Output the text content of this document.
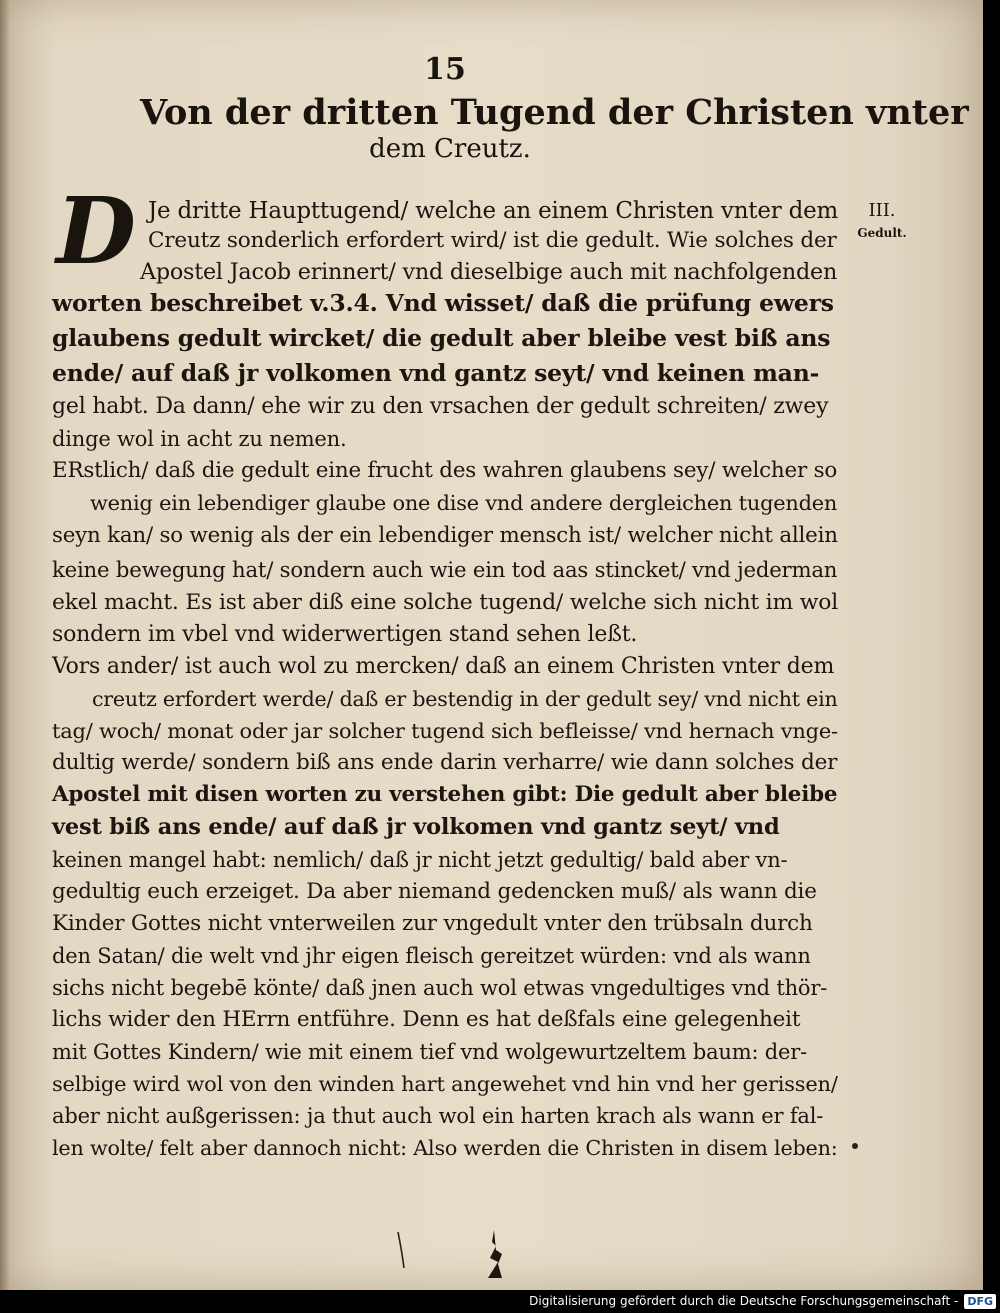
15
Von der dritten Tugend der Christen vnter
dem Creutz.
D	III.
Gedult.
Je dritte Haupttugend/ welche an einem Christen vnter dem
Creutz sonderlich erfordert wird/ ist die gedult. Wie solches der
Apostel Jacob erinnert/ vnd dieselbige auch mit nachfolgenden
worten beschreibet v.3.4. Vnd wisset/ daß die prüfung ewers
glaubens gedult wircket/ die gedult aber bleibe vest biß ans
ende/ auf daß jr volkomen vnd gantz seyt/ vnd keinen man-
gel habt. Da dann/ ehe wir zu den vrsachen der gedult schreiten/ zwey
dinge wol in acht zu nemen.
ERstlich/ daß die gedult eine frucht des wahren glaubens sey/ welcher so
wenig ein lebendiger glaube one dise vnd andere dergleichen tugenden
seyn kan/ so wenig als der ein lebendiger mensch ist/ welcher nicht allein
keine bewegung hat/ sondern auch wie ein tod aas stincket/ vnd jederman
ekel macht. Es ist aber diß eine solche tugend/ welche sich nicht im wol
sondern im vbel vnd widerwertigen stand sehen leßt.
Vors ander/ ist auch wol zu mercken/ daß an einem Christen vnter dem
creutz erfordert werde/ daß er bestendig in der gedult sey/ vnd nicht ein
tag/ woch/ monat oder jar solcher tugend sich befleisse/ vnd hernach vnge-
dultig werde/ sondern biß ans ende darin verharre/ wie dann solches der
Apostel mit disen worten zu verstehen gibt: Die gedult aber bleibe
vest biß ans ende/ auf daß jr volkomen vnd gantz seyt/ vnd
keinen mangel habt: nemlich/ daß jr nicht jetzt gedultig/ bald aber vn-
gedultig euch erzeiget. Da aber niemand gedencken muß/ als wann die
Kinder Gottes nicht vnterweilen zur vngedult vnter den trübsaln durch
den Satan/ die welt vnd jhr eigen fleisch gereitzet würden: vnd als wann
sichs nicht begebē könte/ daß jnen auch wol etwas vngedultiges vnd thör-
lichs wider den HErrn entführe. Denn es hat deßfals eine gelegenheit
mit Gottes Kindern/ wie mit einem tief vnd wolgewurtzeltem baum: der-
selbige wird wol von den winden hart angewehet vnd hin vnd her gerissen/
aber nicht außgerissen: ja thut auch wol ein harten krach als wann er fal-
len wolte/ felt aber dannoch nicht: Also werden die Christen in disem leben:
Digitalisierung gefördert durch die Deutsche Forschungsgemeinschaft - DFG
